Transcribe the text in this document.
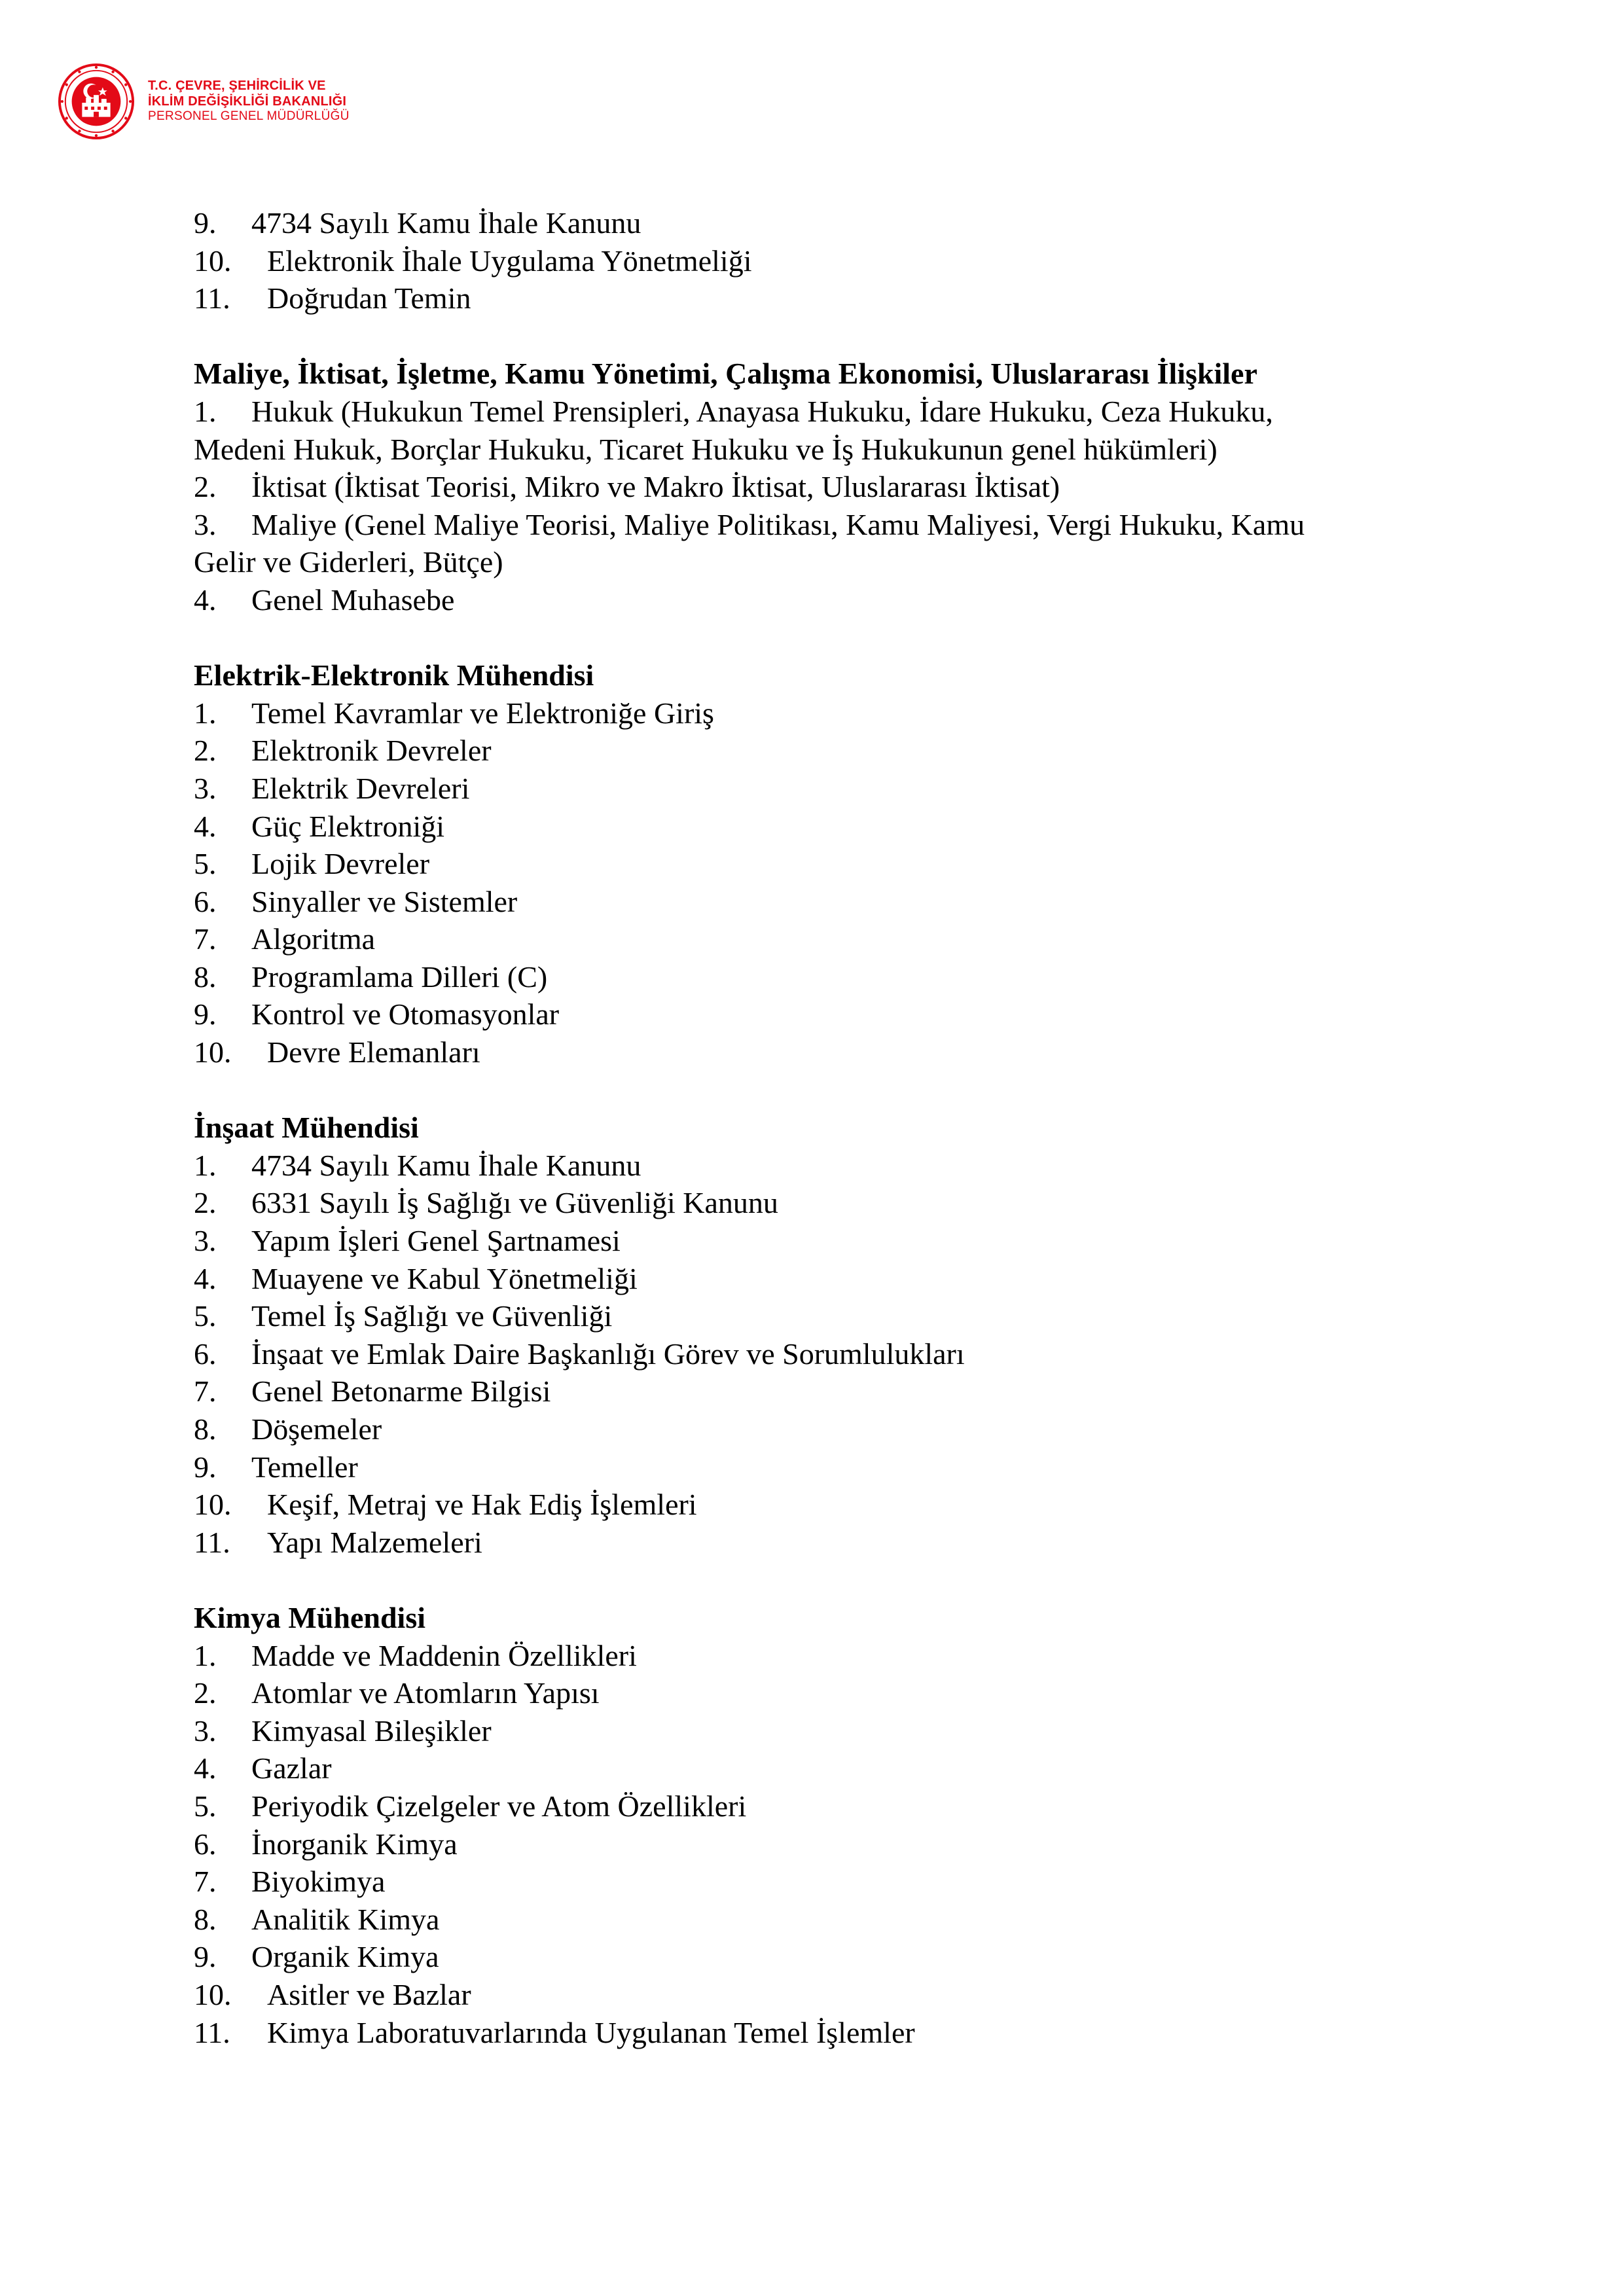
T.C. ÇEVRE, ŞEHİRCİLİK VE
İKLİM DEĞİŞİKLİĞİ BAKANLIĞI
PERSONEL GENEL MÜDÜRLÜĞÜ
9. 4734 Sayılı Kamu İhale Kanunu
10. Elektronik İhale Uygulama Yönetmeliği
11. Doğrudan Temin
Maliye, İktisat, İşletme, Kamu Yönetimi, Çalışma Ekonomisi, Uluslararası İlişkiler
1. Hukuk (Hukukun Temel Prensipleri, Anayasa Hukuku, İdare Hukuku, Ceza Hukuku,
Medeni Hukuk, Borçlar Hukuku, Ticaret Hukuku ve İş Hukukunun genel hükümleri)
2. İktisat (İktisat Teorisi, Mikro ve Makro İktisat, Uluslararası İktisat)
3. Maliye (Genel Maliye Teorisi, Maliye Politikası, Kamu Maliyesi, Vergi Hukuku, Kamu
Gelir ve Giderleri, Bütçe)
4. Genel Muhasebe
Elektrik-Elektronik Mühendisi
1. Temel Kavramlar ve Elektroniğe Giriş
2. Elektronik Devreler
3. Elektrik Devreleri
4. Güç Elektroniği
5. Lojik Devreler
6. Sinyaller ve Sistemler
7. Algoritma
8. Programlama Dilleri (C)
9. Kontrol ve Otomasyonlar
10. Devre Elemanları
İnşaat Mühendisi
1. 4734 Sayılı Kamu İhale Kanunu
2. 6331 Sayılı İş Sağlığı ve Güvenliği Kanunu
3. Yapım İşleri Genel Şartnamesi
4. Muayene ve Kabul Yönetmeliği
5. Temel İş Sağlığı ve Güvenliği
6. İnşaat ve Emlak Daire Başkanlığı Görev ve Sorumlulukları
7. Genel Betonarme Bilgisi
8. Döşemeler
9. Temeller
10. Keşif, Metraj ve Hak Ediş İşlemleri
11. Yapı Malzemeleri
Kimya Mühendisi
1. Madde ve Maddenin Özellikleri
2. Atomlar ve Atomların Yapısı
3. Kimyasal Bileşikler
4. Gazlar
5. Periyodik Çizelgeler ve Atom Özellikleri
6. İnorganik Kimya
7. Biyokimya
8. Analitik Kimya
9. Organik Kimya
10. Asitler ve Bazlar
11. Kimya Laboratuvarlarında Uygulanan Temel İşlemler
